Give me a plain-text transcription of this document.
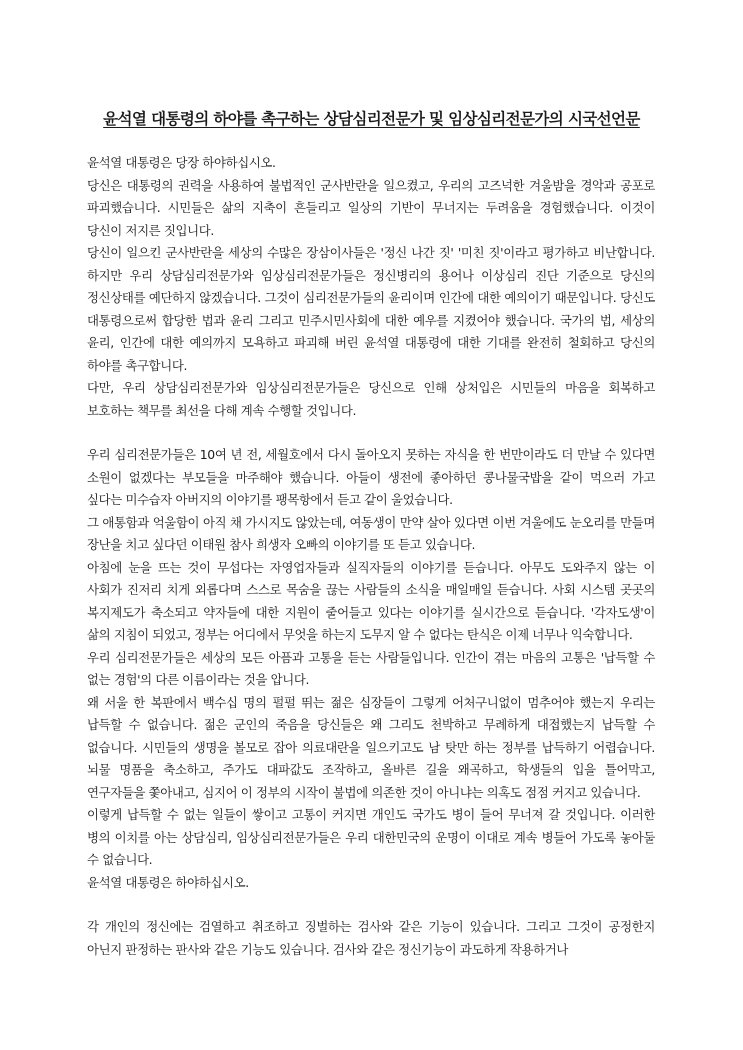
윤석열 대통령의 하야를 촉구하는 상담심리전문가 및 임상심리전문가의 시국선언문

윤석열 대통령은 당장 하야하십시오.

당신은 대통령의 권력을 사용하여 불법적인 군사반란을 일으켰고, 우리의 고즈넉한 겨울밤을 경악과 공포로 파괴했습니다. 시민들은 삶의 지축이 흔들리고 일상의 기반이 무너지는 두려움을 경험했습니다. 이것이 당신이 저지른 짓입니다.

당신이 일으킨 군사반란을 세상의 수많은 장삼이사들은 '정신 나간 짓' '미친 짓'이라고 평가하고 비난합니다. 하지만 우리 상담심리전문가와 임상심리전문가들은 정신병리의 용어나 이상심리 진단 기준으로 당신의 정신상태를 예단하지 않겠습니다. 그것이 심리전문가들의 윤리이며 인간에 대한 예의이기 때문입니다. 당신도 대통령으로써 합당한 법과 윤리 그리고 민주시민사회에 대한 예우를 지켰어야 했습니다. 국가의 법, 세상의 윤리, 인간에 대한 예의까지 모욕하고 파괴해 버린 윤석열 대통령에 대한 기대를 완전히 철회하고 당신의 하야를 촉구합니다.

다만, 우리 상담심리전문가와 임상심리전문가들은 당신으로 인해 상처입은 시민들의 마음을 회복하고 보호하는 책무를 최선을 다해 계속 수행할 것입니다.

우리 심리전문가들은 10여 년 전, 세월호에서 다시 돌아오지 못하는 자식을 한 번만이라도 더 만날 수 있다면 소원이 없겠다는 부모들을 마주해야 했습니다. 아들이 생전에 좋아하던 콩나물국밥을 같이 먹으러 가고 싶다는 미수습자 아버지의 이야기를 팽목항에서 듣고 같이 울었습니다.

그 애통함과 억울함이 아직 채 가시지도 않았는데, 여동생이 만약 살아 있다면 이번 겨울에도 눈오리를 만들며 장난을 치고 싶다던 이태원 참사 희생자 오빠의 이야기를 또 듣고 있습니다.

아침에 눈을 뜨는 것이 무섭다는 자영업자들과 실직자들의 이야기를 듣습니다. 아무도 도와주지 않는 이 사회가 진저리 치게 외롭다며 스스로 목숨을 끊는 사람들의 소식을 매일매일 듣습니다. 사회 시스템 곳곳의 복지제도가 축소되고 약자들에 대한 지원이 줄어들고 있다는 이야기를 실시간으로 듣습니다. '각자도생'이 삶의 지침이 되었고, 정부는 어디에서 무엇을 하는지 도무지 알 수 없다는 탄식은 이제 너무나 익숙합니다.

우리 심리전문가들은 세상의 모든 아픔과 고통을 듣는 사람들입니다. 인간이 겪는 마음의 고통은 '납득할 수 없는 경험'의 다른 이름이라는 것을 압니다.

왜 서울 한 복판에서 백수십 명의 펄펄 뛰는 젊은 심장들이 그렇게 어처구니없이 멈추어야 했는지 우리는 납득할 수 없습니다. 젊은 군인의 죽음을 당신들은 왜 그리도 천박하고 무례하게 대접했는지 납득할 수 없습니다. 시민들의 생명을 볼모로 잡아 의료대란을 일으키고도 남 탓만 하는 정부를 납득하기 어렵습니다. 뇌물 명품을 축소하고, 주가도 대파값도 조작하고, 올바른 길을 왜곡하고, 학생들의 입을 틀어막고, 연구자들을 쫓아내고, 심지어 이 정부의 시작이 불법에 의존한 것이 아니냐는 의혹도 점점 커지고 있습니다.

이렇게 납득할 수 없는 일들이 쌓이고 고통이 커지면 개인도 국가도 병이 들어 무너져 갈 것입니다. 이러한 병의 이치를 아는 상담심리, 임상심리전문가들은 우리 대한민국의 운명이 이대로 계속 병들어 가도록 놓아둘 수 없습니다.

윤석열 대통령은 하야하십시오.

각 개인의 정신에는 검열하고 취조하고 징벌하는 검사와 같은 기능이 있습니다. 그리고 그것이 공정한지 아닌지 판정하는 판사와 같은 기능도 있습니다. 검사와 같은 정신기능이 과도하게 작용하거나
